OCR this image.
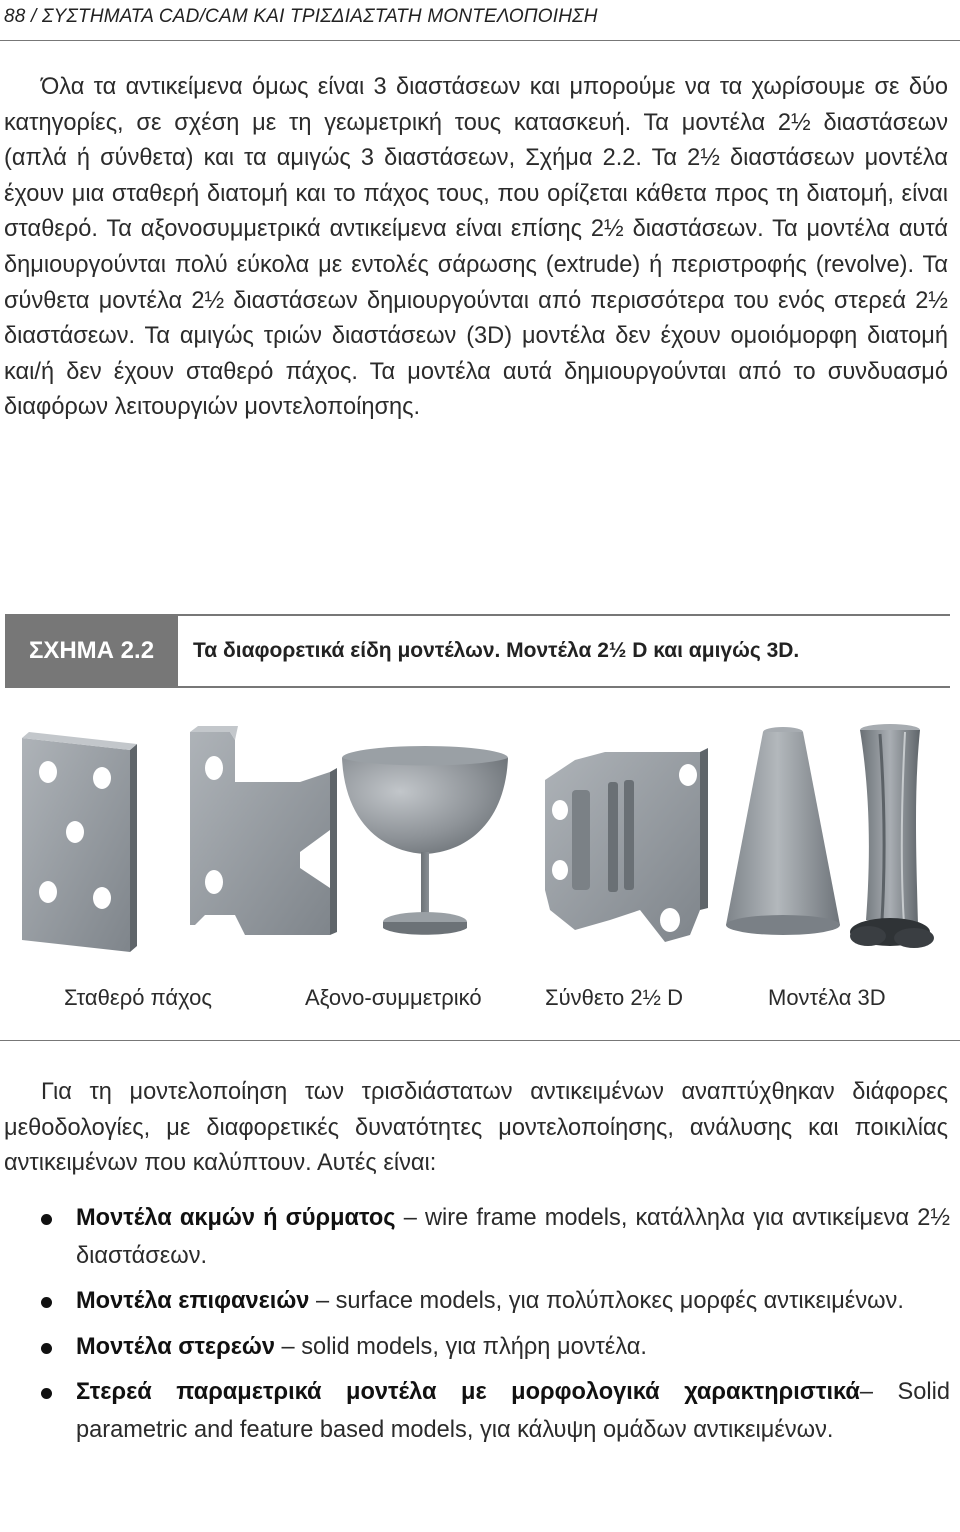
88 / ΣΥΣΤΗΜΑΤΑ CAD/CAM ΚΑΙ ΤΡΙΣΔΙΑΣΤΑΤΗ ΜΟΝΤΕΛΟΠΟΙΗΣΗ

Όλα τα αντικείμενα όμως είναι 3 διαστάσεων και μπορούμε να τα χωρίσουμε σε δύο κατηγορίες, σε σχέση με τη γεωμετρική τους κατασκευή. Τα μοντέλα 2½ διαστάσεων (απλά ή σύνθετα) και τα αμιγώς 3 διαστάσεων, Σχήμα 2.2. Τα 2½ διαστάσεων μοντέλα έχουν μια σταθερή διατομή και το πάχος τους, που ορίζεται κάθετα προς τη διατομή, είναι σταθερό. Τα αξονοσυμμετρικά αντικείμενα είναι επίσης 2½ διαστάσεων. Τα μοντέλα αυτά δημιουργούνται πολύ εύκολα με εντολές σάρωσης (extrude) ή περιστροφής (revolve). Τα σύνθετα μοντέλα 2½ διαστάσεων δημιουργούνται από περισσότερα του ενός στερεά 2½ διαστάσεων. Τα αμιγώς τριών διαστάσεων (3D) μοντέλα δεν έχουν ομοιόμορφη διατομή και/ή δεν έχουν σταθερό πάχος. Τα μοντέλα αυτά δημιουργούνται από το συνδυασμό διαφόρων λειτουργιών μοντελοποίησης.

ΣΧΗΜΑ 2.2	Τα διαφορετικά είδη μοντέλων. Μοντέλα 2½ D και αμιγώς 3D.
Σταθερό πάχος	Αξονο-συμμετρικό	Σύνθετο 2½ D	Μοντέλα 3D

Για τη μοντελοποίηση των τρισδιάστατων αντικειμένων αναπτύχθηκαν διάφορες μεθοδολογίες, με διαφορετικές δυνατότητες μοντελοποίησης, ανάλυσης και ποικιλίας αντικειμένων που καλύπτουν. Αυτές είναι:

Μοντέλα ακμών ή σύρματος – wire frame models, κατάλληλα για αντικείμενα 2½ διαστάσεων.
Μοντέλα επιφανειών – surface models, για πολύπλοκες μορφές αντικειμένων.
Μοντέλα στερεών – solid models, για πλήρη μοντέλα.
Στερεά παραμετρικά μοντέλα με μορφολογικά χαρακτηριστικά– Solid parametric and feature based models, για κάλυψη ομάδων αντικειμένων.
